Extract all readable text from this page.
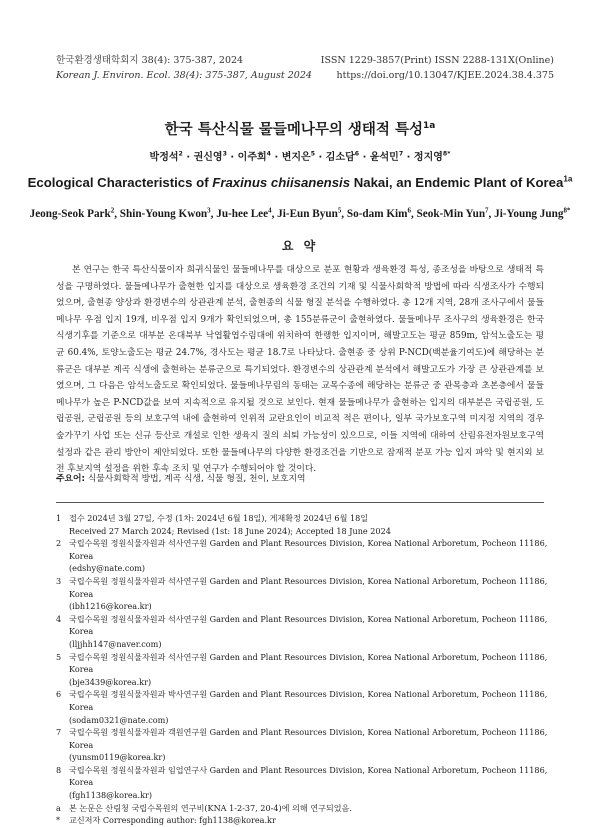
한국환경생태학회지 38(4): 375-387, 2024
Korean J. Environ. Ecol. 38(4): 375-387, August 2024
ISSN 1229-3857(Print) ISSN 2288-131X(Online)
https://doi.org/10.13047/KJEE.2024.38.4.375
한국 특산식물 물들메나무의 생태적 특성$^{1a}$
박정석$^2$ · 권신영$^3$ · 이주희$^4$ · 변지은$^5$ · 김소담$^6$ · 윤석민$^7$ · 정지영$^{8*}$
Ecological Characteristics of Fraxinus chiisanensis Nakai, an Endemic Plant of Korea$^{1a}$
Jeong-Seok Park$^2$, Shin-Young Kwon$^3$, Ju-hee Lee$^4$, Ji-Eun Byun$^5$, So-dam Kim$^6$, Seok-Min Yun$^7$, Ji-Young Jung$^{8*}$
요 약

본 연구는 한국 특산식물이자 희귀식물인 물들메나무를 대상으로 분포 현황과 생육환경 특성, 종조성을 바탕으로 생태적 특성을 구명하였다. 물들메나무가 출현한 입지를 대상으로 생육환경 조건의 기재 및 식물사회학적 방법에 따라 식생조사가 수행되었으며, 출현종 양상과 환경변수의 상관관계 분석, 출현종의 식물 형질 분석을 수행하였다. 총 12개 지역, 28개 조사구에서 물들메나무 우점 입지 19개, 비우점 입지 9개가 확인되었으며, 총 155분류군이 출현하였다. 물들메나무 조사구의 생육환경은 한국 식생기후를 기준으로 대부분 온대북부 낙엽활엽수림대에 위치하여 한랭한 입지이며, 해발고도는 평균 859m, 암석노출도는 평균 60.4%, 토양노출도는 평균 24.7%, 경사도는 평균 18.7로 나타났다. 출현종 중 상위 P-NCD(백분율기여도)에 해당하는 분류군은 대부분 계곡 식생에 출현하는 분류군으로 특기되었다. 환경변수의 상관관계 분석에서 해발고도가 가장 큰 상관관계를 보였으며, 그 다음은 암석노출도로 확인되었다. 물들메나무림의 동태는 교목수종에 해당하는 분류군 중 관목층과 초본층에서 물들메나무가 높은 P-NCD값을 보여 지속적으로 유지될 것으로 보인다. 현재 물들메나무가 출현하는 입지의 대부분은 국립공원, 도립공원, 군립공원 등의 보호구역 내에 출현하여 인위적 교란요인이 비교적 적은 편이나, 일부 국가보호구역 미지정 지역의 경우 숲가꾸기 사업 또는 신규 등산로 개설로 인한 생육지 질의 쇠퇴 가능성이 있으므로, 이들 지역에 대하여 산림유전자원보호구역 설정과 같은 관리 방안이 제안되었다. 또한 물들메나무의 다양한 환경조건을 기반으로 잠재적 분포 가능 입지 파악 및 현지외 보전 후보지역 설정을 위한 후속 조치 및 연구가 수행되어야 할 것이다.

주요어: 식물사회학적 방법, 계곡 식생, 식물 형질, 천이, 보호지역
1 접수 2024년 3월 27일, 수정 (1차: 2024년 6월 18일), 게재확정 2024년 6월 18일
Received 27 March 2024; Revised (1st: 18 June 2024); Accepted 18 June 2024
2 국립수목원 정원식물자원과 석사연구원 Garden and Plant Resources Division, Korea National Arboretum, Pocheon 11186, Korea
(edshy@nate.com)
3 국립수목원 정원식물자원과 석사연구원 Garden and Plant Resources Division, Korea National Arboretum, Pocheon 11186, Korea
(ibh1216@korea.kr)
4 국립수목원 정원식물자원과 석사연구원 Garden and Plant Resources Division, Korea National Arboretum, Pocheon 11186, Korea
(lljjhh147@naver.com)
5 국립수목원 정원식물자원과 석사연구원 Garden and Plant Resources Division, Korea National Arboretum, Pocheon 11186, Korea
(bje3439@korea.kr)
6 국립수목원 정원식물자원과 박사연구원 Garden and Plant Resources Division, Korea National Arboretum, Pocheon 11186, Korea
(sodam0321@nate.com)
7 국립수목원 정원식물자원과 객원연구원 Garden and Plant Resources Division, Korea National Arboretum, Pocheon 11186, Korea
(yunsm0119@korea.kr)
8 국립수목원 정원식물자원과 임업연구사 Garden and Plant Resources Division, Korea National Arboretum, Pocheon 11186, Korea
(fgh1138@korea.kr)
a 본 논문은 산림청 국립수목원의 연구비(KNA 1-2-37, 20-4)에 의해 연구되었음.
* 교신저자 Corresponding author: fgh1138@korea.kr
